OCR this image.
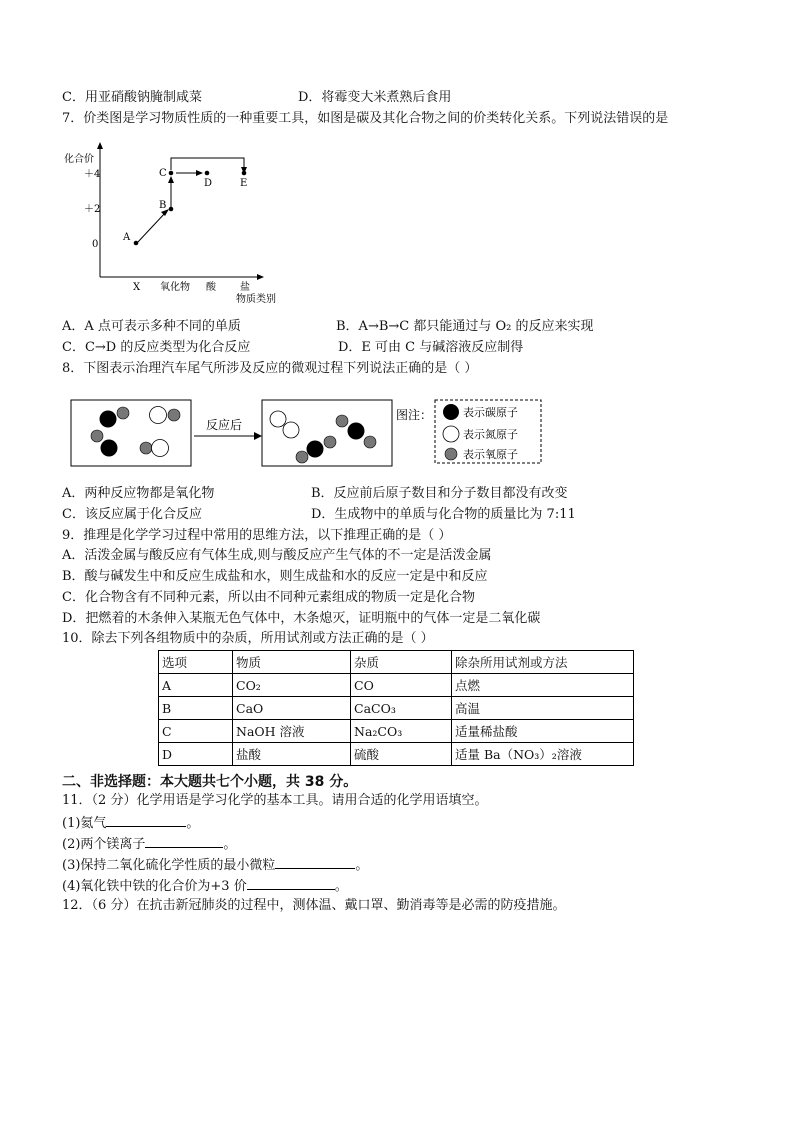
C．用亚硝酸钠腌制咸菜	D．将霉变大米煮熟后食用
7．价类图是学习物质性质的一种重要工具，如图是碳及其化合物之间的价类转化关系。下列说法错误的是
化合价
＋4
＋2
0
X 氧化物 酸 盐
物质类别
A
B
C
D	E
A．A 点可表示多种不同的单质	B．A→B→C 都只能通过与 O₂ 的反应来实现
C．C→D 的反应类型为化合反应	D．E 可由 C 与碱溶液反应制得
8．下图表示治理汽车尾气所涉及反应的微观过程下列说法正确的是（ ）
反应后
图注：	表示碳原子
表示氮原子
表示氧原子
A．两种反应物都是氧化物	B．反应前后原子数目和分子数目都没有改变
C．该反应属于化合反应	D．生成物中的单质与化合物的质量比为 7:11
9．推理是化学学习过程中常用的思维方法，以下推理正确的是（ ）
A．活泼金属与酸反应有气体生成,则与酸反应产生气体的不一定是活泼金属
B．酸与碱发生中和反应生成盐和水，则生成盐和水的反应一定是中和反应
C．化合物含有不同种元素，所以由不同种元素组成的物质一定是化合物
D．把燃着的木条伸入某瓶无色气体中，木条熄灭，证明瓶中的气体一定是二氧化碳
10．除去下列各组物质中的杂质，所用试剂或方法正确的是（ ）
选项	物质	杂质	除杂所用试剂或方法
A	CO₂	CO	点燃
B	CaO	CaCO₃	高温
C	NaOH 溶液	Na₂CO₃	适量稀盐酸
D	盐酸	硫酸	适量 Ba（NO₃）₂溶液
二、非选择题：本大题共七个小题，共 38 分。
11．（2 分）化学用语是学习化学的基本工具。请用合适的化学用语填空。
(1)氦气	。
(2)两个镁离子	。
(3)保持二氧化硫化学性质的最小微粒	。
(4)氧化铁中铁的化合价为+3 价	。
12．（6 分）在抗击新冠肺炎的过程中，测体温、戴口罩、勤消毒等是必需的防疫措施。
